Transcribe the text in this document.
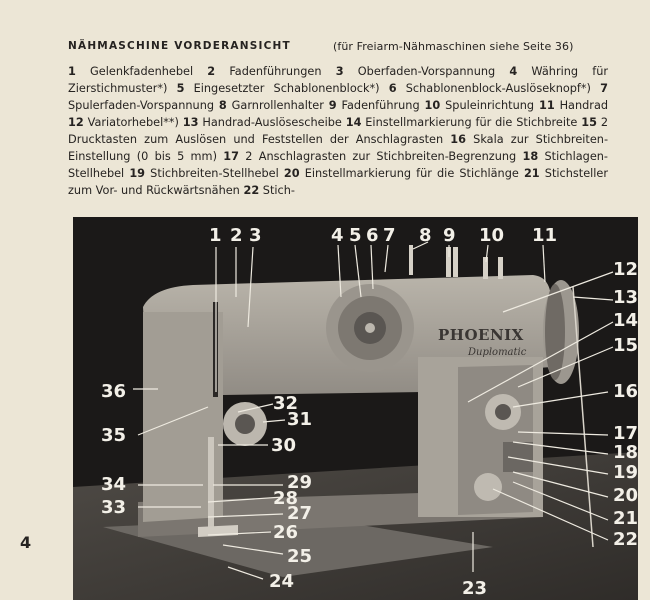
NÄHMASCHINE VORDERANSICHT	(für Freiarm-Nähmaschinen siehe Seite 36)
1 Gelenkfadenhebel 2 Fadenführungen 3 Oberfaden-Vorspannung 4 Währing für Zierstichmuster*) 5 Eingesetzter Schablonenblock*) 6 Schablonenblock-Auslöseknopf*) 7 Spulerfaden-Vorspannung 8 Garnrollenhalter 9 Fadenführung 10 Spuleinrichtung 11 Handrad 12 Variatorhebel**) 13 Handrad-Auslösescheibe 14 Einstellmarkierung für die Stichbreite 15 2 Drucktasten zum Auslösen und Feststellen der Anschlagrasten 16 Skala zur Stichbreiten-Einstellung (0 bis 5 mm) 17 2 Anschlagrasten zur Stichbreiten-Begrenzung 18 Stichlagen-Stellhebel 19 Stichbreiten-Stellhebel 20 Einstellmarkierung für die Stichlänge 21 Stichsteller zum Vor- und Rückwärtsnähen 22 Stich-
PHOENIX
Duplomatic
1 2 3	4 5 6 7 8 9 10 11
12
13
14
15
16
17
18
19
20
21
22
23
24
25
26
27
28
29
30
31
32
33
34
35
36
4
